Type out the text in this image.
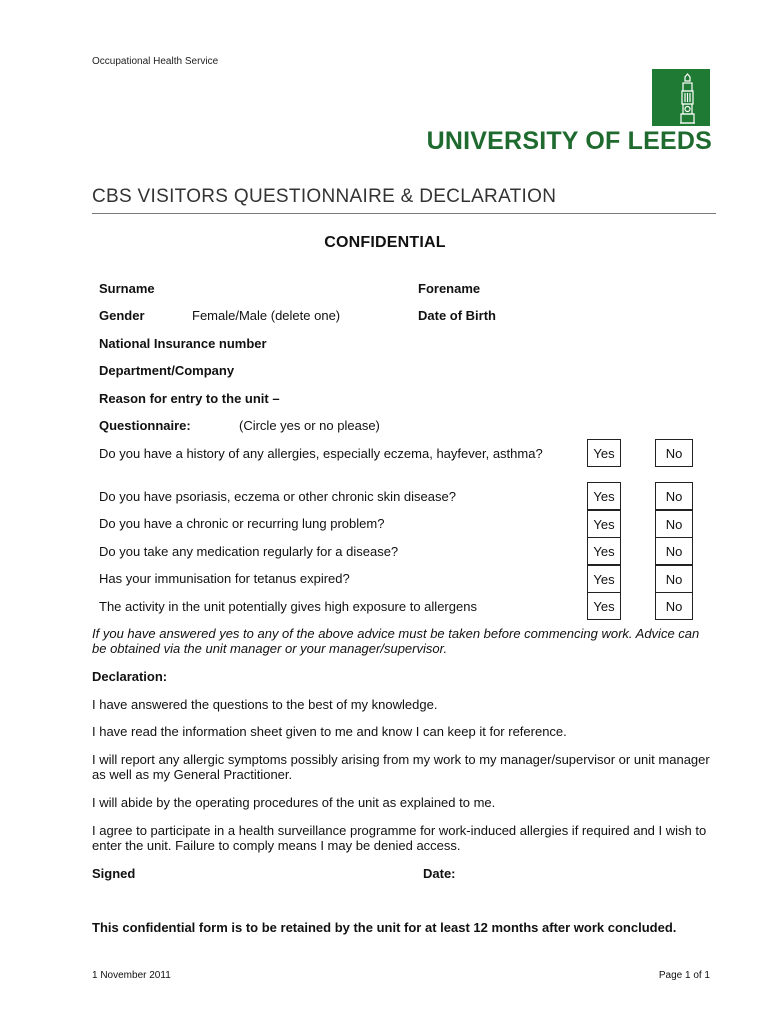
Occupational Health Service
UNIVERSITY OF LEEDS
CBS VISITORS QUESTIONNAIRE & DECLARATION
CONFIDENTIAL
Surname	Forename
Gender	Female/Male (delete one)	Date of Birth
National Insurance number
Department/Company
Reason for entry to the unit –
Questionnaire:	(Circle yes or no please)
Do you have a history of any allergies, especially eczema, hayfever, asthma?	Yes	No
Do you have psoriasis, eczema or other chronic skin disease?	Yes	No
Do you have a chronic or recurring lung problem?	Yes	No
Do you take any medication regularly for a disease?	Yes	No
Has your immunisation for tetanus expired?	Yes	No
The activity in the unit potentially gives high exposure to allergens	Yes	No
If you have answered yes to any of the above advice must be taken before commencing work. Advice can be obtained via the unit manager or your manager/supervisor.
Declaration:
I have answered the questions to the best of my knowledge.
I have read the information sheet given to me and know I can keep it for reference.
I will report any allergic symptoms possibly arising from my work to my manager/supervisor or unit manager as well as my General Practitioner.
I will abide by the operating procedures of the unit as explained to me.
I agree to participate in a health surveillance programme for work-induced allergies if required and I wish to enter the unit. Failure to comply means I may be denied access.
Signed	Date:
This confidential form is to be retained by the unit for at least 12 months after work concluded.
1 November 2011	Page 1 of 1
